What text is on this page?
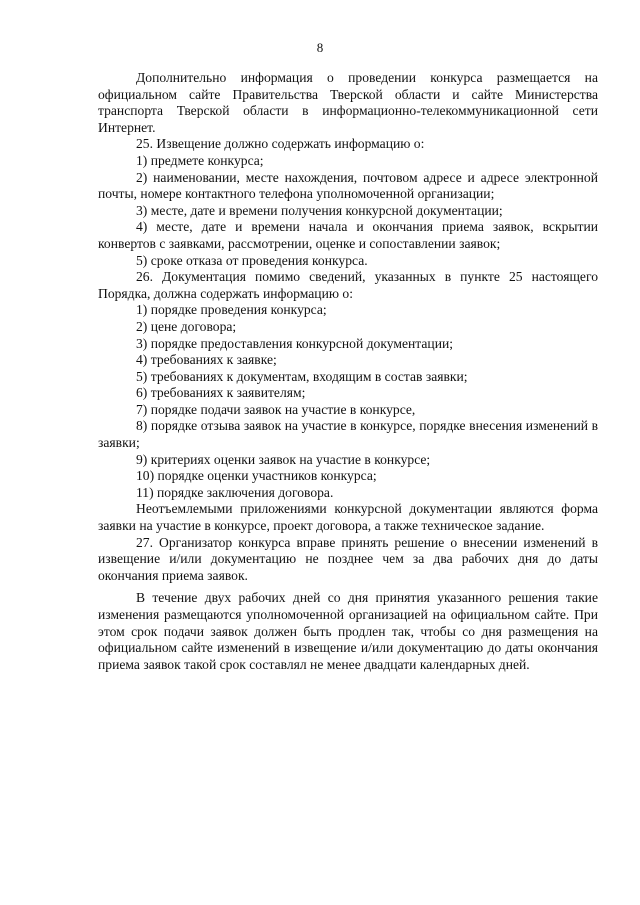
8

Дополнительно информация о проведении конкурса размещается на официальном сайте Правительства Тверской области и сайте Министерства транспорта Тверской области в информационно-телекоммуникационной сети Интернет.

25. Извещение должно содержать информацию о:

1) предмете конкурса;

2) наименовании, месте нахождения, почтовом адресе и адресе электронной почты, номере контактного телефона уполномоченной организации;

3) месте, дате и времени получения конкурсной документации;

4) месте, дате и времени начала и окончания приема заявок, вскрытии конвертов с заявками, рассмотрении, оценке и сопоставлении заявок;

5) сроке отказа от проведения конкурса.

26. Документация помимо сведений, указанных в пункте 25 настоящего Порядка, должна содержать информацию о:

1) порядке проведения конкурса;

2) цене договора;

3) порядке предоставления конкурсной документации;

4) требованиях к заявке;

5) требованиях к документам, входящим в состав заявки;

6) требованиях к заявителям;

7) порядке подачи заявок на участие в конкурсе,

8) порядке отзыва заявок на участие в конкурсе, порядке внесения изменений в заявки;

9) критериях оценки заявок на участие в конкурсе;

10) порядке оценки участников конкурса;

11) порядке заключения договора.

Неотъемлемыми приложениями конкурсной документации являются форма заявки на участие в конкурсе, проект договора, а также техническое задание.

27. Организатор конкурса вправе принять решение о внесении изменений в извещение и/или документацию не позднее чем за два рабочих дня до даты окончания приема заявок.

В течение двух рабочих дней со дня принятия указанного решения такие изменения размещаются уполномоченной организацией на официальном сайте. При этом срок подачи заявок должен быть продлен так, чтобы со дня размещения на официальном сайте изменений в извещение и/или документацию до даты окончания приема заявок такой срок составлял не менее двадцати календарных дней.
